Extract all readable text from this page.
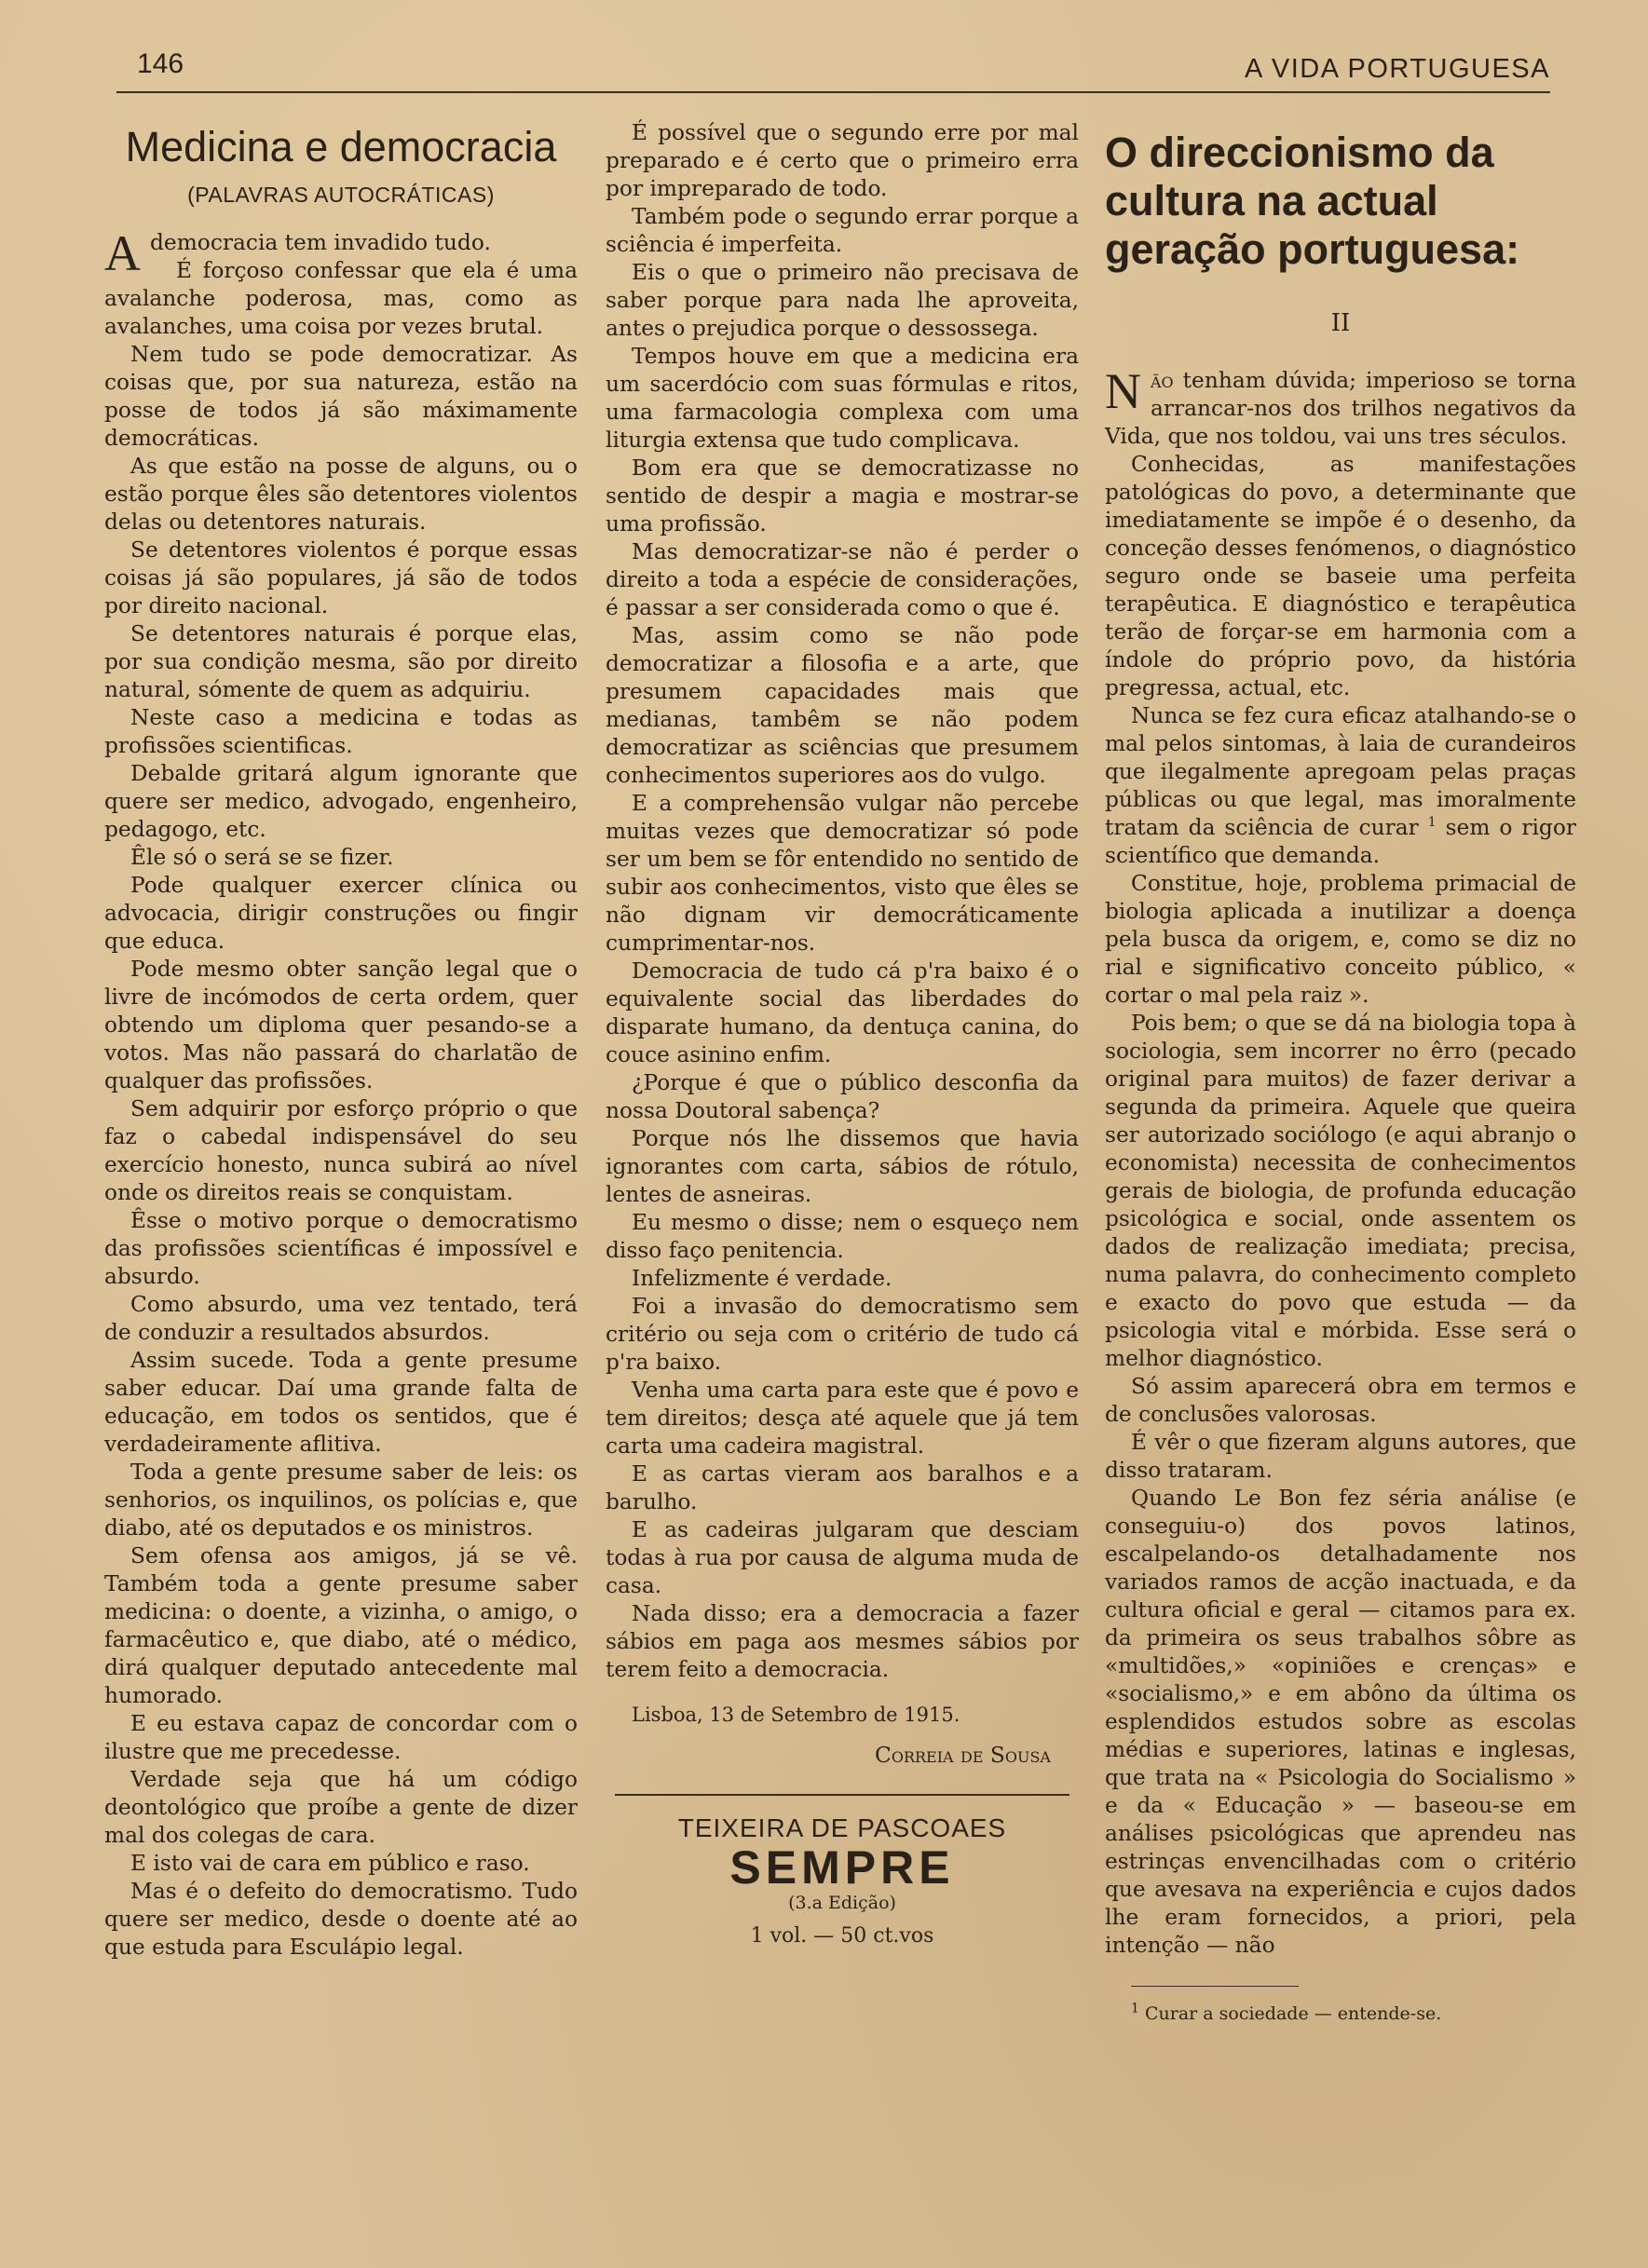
146	A VIDA PORTUGUESA
Medicina e democracia
(PALAVRAS AUTOCRÁTICAS)

Ademocracia tem invadido tudo.

É forçoso confessar que ela é uma avalanche poderosa, mas, como as avalanches, uma coisa por vezes brutal.

Nem tudo se pode democratizar. As coisas que, por sua natureza, estão na posse de todos já são máximamente democráticas.

As que estão na posse de alguns, ou o estão porque êles são detentores violentos delas ou detentores naturais.

Se detentores violentos é porque essas coisas já são populares, já são de todos por direito nacional.

Se detentores naturais é porque elas, por sua condição mesma, são por direito natural, sómente de quem as adquiriu.

Neste caso a medicina e todas as profissões scientificas.

Debalde gritará algum ignorante que quere ser medico, advogado, engenheiro, pedagogo, etc.

Êle só o será se se fizer.

Pode qualquer exercer clínica ou advocacia, dirigir construções ou fingir que educa.

Pode mesmo obter sanção legal que o livre de incómodos de certa ordem, quer obtendo um diploma quer pesando-se a votos. Mas não passará do charlatão de qualquer das profissões.

Sem adquirir por esforço próprio o que faz o cabedal indispensável do seu exercício honesto, nunca subirá ao nível onde os direitos reais se conquistam.

Êsse o motivo porque o democratismo das profissões scientíficas é impossível e absurdo.

Como absurdo, uma vez tentado, terá de conduzir a resultados absurdos.

Assim sucede. Toda a gente presume saber educar. Daí uma grande falta de educação, em todos os sentidos, que é verdadeiramente aflitiva.

Toda a gente presume saber de leis: os senhorios, os inquilinos, os polícias e, que diabo, até os deputados e os ministros.

Sem ofensa aos amigos, já se vê. Também toda a gente presume saber medicina: o doente, a vizinha, o amigo, o farmacêutico e, que diabo, até o médico, dirá qualquer deputado antecedente mal humorado.

E eu estava capaz de concordar com o ilustre que me precedesse.

Verdade seja que há um código deontológico que proíbe a gente de dizer mal dos colegas de cara.

E isto vai de cara em público e raso.

Mas é o defeito do democratismo. Tudo quere ser medico, desde o doente até ao que estuda para Esculápio legal.

É possível que o segundo erre por mal preparado e é certo que o primeiro erra por impreparado de todo.

Também pode o segundo errar porque a sciência é imperfeita.

Eis o que o primeiro não precisava de saber porque para nada lhe aproveita, antes o prejudica porque o dessossega.

Tempos houve em que a medicina era um sacerdócio com suas fórmulas e ritos, uma farmacologia complexa com uma liturgia extensa que tudo complicava.

Bom era que se democratizasse no sentido de despir a magia e mostrar-se uma profissão.

Mas democratizar-se não é perder o direito a toda a espécie de considerações, é passar a ser considerada como o que é.

Mas, assim como se não pode democratizar a filosofia e a arte, que presumem capacidades mais que medianas, tambêm se não podem democratizar as sciências que presumem conhecimentos superiores aos do vulgo.

E a comprehensão vulgar não percebe muitas vezes que democratizar só pode ser um bem se fôr entendido no sentido de subir aos conhecimentos, visto que êles se não dignam vir democráticamente cumprimentar-nos.

Democracia de tudo cá p'ra baixo é o equivalente social das liberdades do disparate humano, da dentuça canina, do couce asinino enfim.

¿Porque é que o público desconfia da nossa Doutoral sabença?

Porque nós lhe dissemos que havia ignorantes com carta, sábios de rótulo, lentes de asneiras.

Eu mesmo o disse; nem o esqueço nem disso faço penitencia.

Infelizmente é verdade.

Foi a invasão do democratismo sem critério ou seja com o critério de tudo cá p'ra baixo.

Venha uma carta para este que é povo e tem direitos; desça até aquele que já tem carta uma cadeira magistral.

E as cartas vieram aos baralhos e a barulho.

E as cadeiras julgaram que desciam todas à rua por causa de alguma muda de casa.

Nada disso; era a democracia a fazer sábios em paga aos mesmes sábios por terem feito a democracia.

Lisboa, 13 de Setembro de 1915.

Correia de Sousa

TEIXEIRA DE PASCOAES
SEMPRE
(3.a Edição)
1 vol. — 50 ct.vos
O direccionismo da cultura na actual geração portuguesa:
II

Não tenham dúvida; imperioso se torna arrancar-nos dos trilhos negativos da Vida, que nos toldou, vai uns tres séculos.

Conhecidas, as manifestações patológicas do povo, a determinante que imediatamente se impõe é o desenho, da conceção desses fenómenos, o diagnóstico seguro onde se baseie uma perfeita terapêutica. E diagnóstico e terapêutica terão de forçar-se em harmonia com a índole do próprio povo, da história pregressa, actual, etc.

Nunca se fez cura eficaz atalhando-se o mal pelos sintomas, à laia de curandeiros que ilegalmente apregoam pelas praças públicas ou que legal, mas imoralmente tratam da sciência de curar $^1$ sem o rigor scientífico que demanda.

Constitue, hoje, problema primacial de biologia aplicada a inutilizar a doença pela busca da origem, e, como se diz no rial e significativo conceito público, « cortar o mal pela raiz ».

Pois bem; o que se dá na biologia topa à sociologia, sem incorrer no êrro (pecado original para muitos) de fazer derivar a segunda da primeira. Aquele que queira ser autorizado sociólogo (e aqui abranjo o economista) necessita de conhecimentos gerais de biologia, de profunda educação psicológica e social, onde assentem os dados de realização imediata; precisa, numa palavra, do conhecimento completo e exacto do povo que estuda — da psicologia vital e mórbida. Esse será o melhor diagnóstico.

Só assim aparecerá obra em termos e de conclusões valorosas.

É vêr o que fizeram alguns autores, que disso trataram.

Quando Le Bon fez séria análise (e conseguiu-o) dos povos latinos, escalpelando-os detalhadamente nos variados ramos de acção inactuada, e da cultura oficial e geral — citamos para ex. da primeira os seus trabalhos sôbre as «multidões,» «opiniões e crenças» e «socialismo,» e em abôno da última os esplendidos estudos sobre as escolas médias e superiores, latinas e inglesas, que trata na « Psicologia do Socialismo » e da « Educação » — baseou-se em análises psicológicas que aprendeu nas estrinças envencilhadas com o critério que avesava na experiência e cujos dados lhe eram fornecidos, a priori, pela intenção — não

$^1$ Curar a sociedade — entende-se.
